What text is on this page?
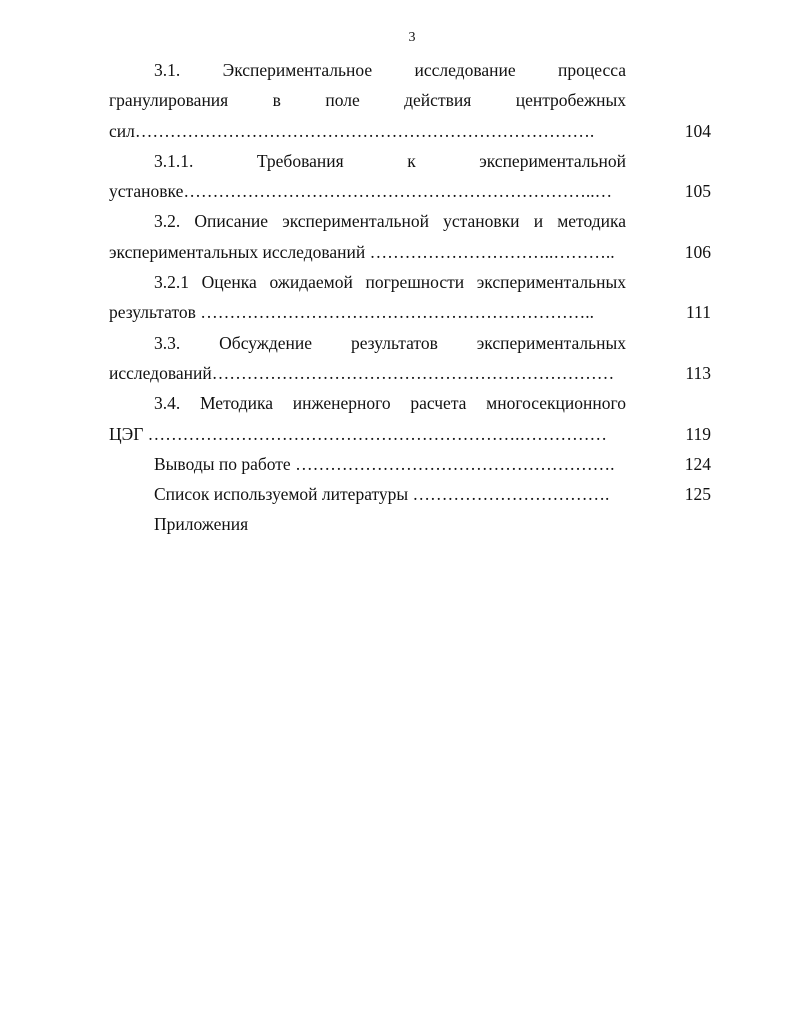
3
3.1. Экспериментальное исследование процесса
гранулирования	в	поле	действия	центробежных
сил…………………………………………………………………….	104
3.1.1.	Требования	к	экспериментальной
установке……………………………………………………………..…	105
3.2. Описание экспериментальной установки и методика
экспериментальных исследований …………………………..………..	106
3.2.1 Оценка ожидаемой погрешности экспериментальных
результатов …………………………………………………………..	111
3.3. Обсуждение результатов экспериментальных
исследований……………………………………………………………	113
3.4. Методика инженерного расчета многосекционного
ЦЭГ ……………………………………………………….……………	119
Выводы по работе ……………………………………………….	124
Список используемой литературы …………………………….	125
Приложения
